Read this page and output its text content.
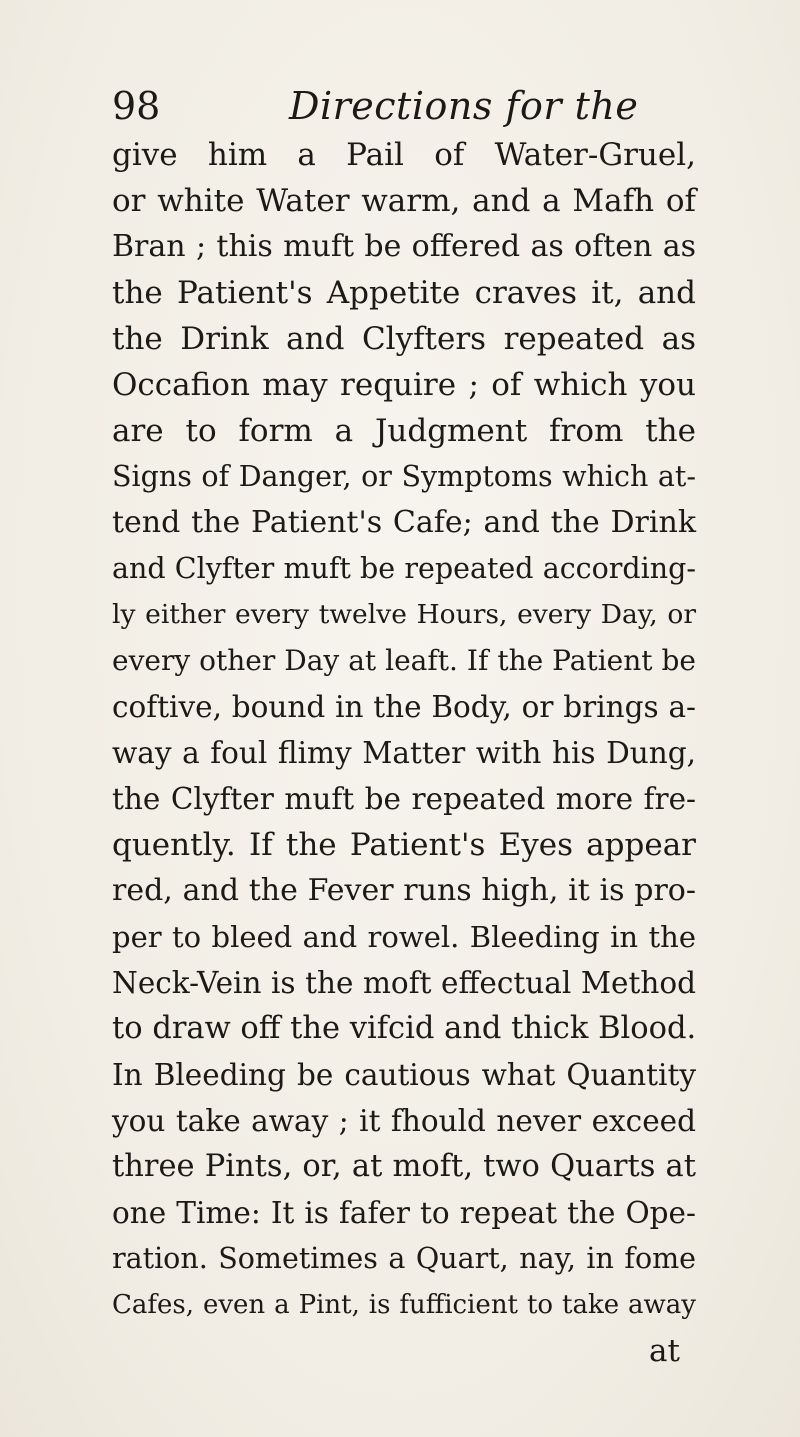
98	Directions for the
give him a Pail of Water-Gruel,
or white Water warm, and a Mafh of
Bran ; this muft be offered as often as
the Patient's Appetite craves it, and
the Drink and Clyfters repeated as
Occafion may require ; of which you
are to form a Judgment from the
Signs of Danger, or Symptoms which at-
tend the Patient's Cafe; and the Drink
and Clyfter muft be repeated according-
ly either every twelve Hours, every Day, or
every other Day at leaft. If the Patient be
coftive, bound in the Body, or brings a-
way a foul flimy Matter with his Dung,
the Clyfter muft be repeated more fre-
quently. If the Patient's Eyes appear
red, and the Fever runs high, it is pro-
per to bleed and rowel. Bleeding in the
Neck-Vein is the moft effectual Method
to draw off the vifcid and thick Blood.
In Bleeding be cautious what Quantity
you take away ; it fhould never exceed
three Pints, or, at moft, two Quarts at
one Time: It is fafer to repeat the Ope-
ration. Sometimes a Quart, nay, in fome
Cafes, even a Pint, is fufficient to take away
at
